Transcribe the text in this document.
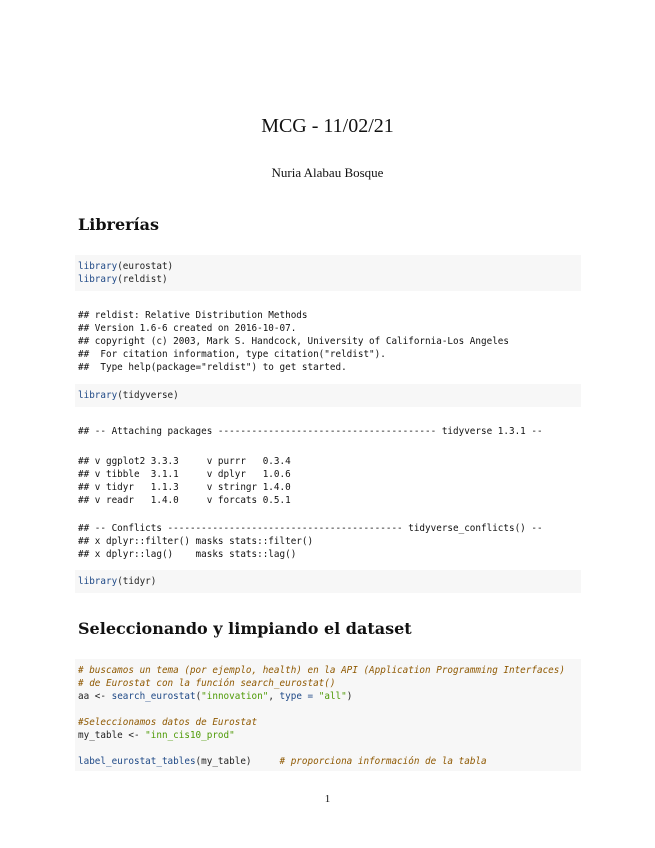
MCG - 11/02/21
Nuria Alabau Bosque
Librerías
library(eurostat)
library(reldist)
## reldist: Relative Distribution Methods
## Version 1.6-6 created on 2016-10-07.
## copyright (c) 2003, Mark S. Handcock, University of California-Los Angeles
##  For citation information, type citation("reldist").
##  Type help(package="reldist") to get started.
library(tidyverse)
## -- Attaching packages --------------------------------------- tidyverse 1.3.1 --
## v ggplot2 3.3.3     v purrr   0.3.4
## v tibble  3.1.1     v dplyr   1.0.6
## v tidyr   1.1.3     v stringr 1.4.0
## v readr   1.4.0     v forcats 0.5.1
## -- Conflicts ------------------------------------------ tidyverse_conflicts() --
## x dplyr::filter() masks stats::filter()
## x dplyr::lag()    masks stats::lag()
library(tidyr)
Seleccionando y limpiando el dataset
# buscamos un tema (por ejemplo, health) en la API (Application Programming Interfaces)
# de Eurostat con la función search_eurostat()
aa <- search_eurostat("innovation", type = "all")
#Seleccionamos datos de Eurostat
my_table <- "inn_cis10_prod"
label_eurostat_tables(my_table)     # proporciona información de la tabla
1
